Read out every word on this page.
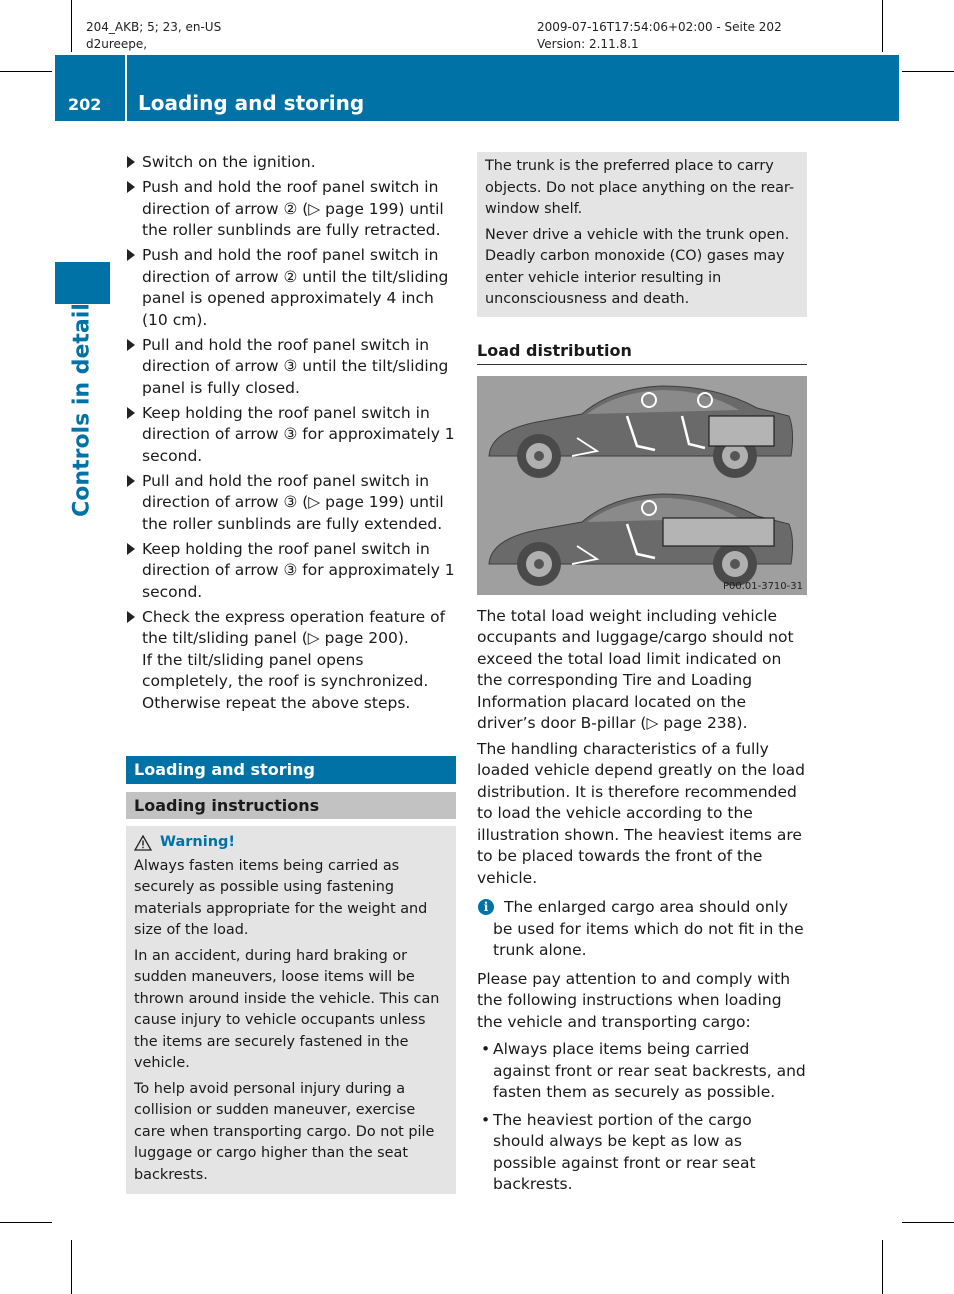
204_AKB; 5; 23, en-US
d2ureepe,
2009-07-16T17:54:06+02:00 - Seite 202
Version: 2.11.8.1
202 Loading and storing
Controls in detail
Switch on the ignition.
Push and hold the roof panel switch in direction of arrow ② (▷ page 199) until the roller sunblinds are fully retracted.
Push and hold the roof panel switch in direction of arrow ② until the tilt/sliding panel is opened approximately 4 inch (10 cm).
Pull and hold the roof panel switch in direction of arrow ③ until the tilt/sliding panel is fully closed.
Keep holding the roof panel switch in direction of arrow ③ for approximately 1 second.
Pull and hold the roof panel switch in direction of arrow ③ (▷ page 199) until the roller sunblinds are fully extended.
Keep holding the roof panel switch in direction of arrow ③ for approximately 1 second.
Check the express operation feature of the tilt/sliding panel (▷ page 200).
If the tilt/sliding panel opens completely, the roof is synchronized. Otherwise repeat the above steps.
Loading and storing
Loading instructions
Warning!

Always fasten items being carried as securely as possible using fastening materials appropriate for the weight and size of the load.

In an accident, during hard braking or sudden maneuvers, loose items will be thrown around inside the vehicle. This can cause injury to vehicle occupants unless the items are securely fastened in the vehicle.

To help avoid personal injury during a collision or sudden maneuver, exercise care when transporting cargo. Do not pile luggage or cargo higher than the seat backrests.

The trunk is the preferred place to carry objects. Do not place anything on the rear-window shelf.

Never drive a vehicle with the trunk open. Deadly carbon monoxide (CO) gases may enter vehicle interior resulting in unconsciousness and death.

Load distribution
P00.01-3710-31

The total load weight including vehicle occupants and luggage/cargo should not exceed the total load limit indicated on the corresponding Tire and Loading Information placard located on the driver’s door B-pillar (▷ page 238).

The handling characteristics of a fully loaded vehicle depend greatly on the load distribution. It is therefore recommended to load the vehicle according to the illustration shown. The heaviest items are to be placed towards the front of the vehicle.

i	The enlarged cargo area should only be used for items which do not fit in the trunk alone.

Please pay attention to and comply with the following instructions when loading the vehicle and transporting cargo:

• Always place items being carried against front or rear seat backrests, and fasten them as securely as possible.
• The heaviest portion of the cargo should always be kept as low as possible against front or rear seat backrests.
